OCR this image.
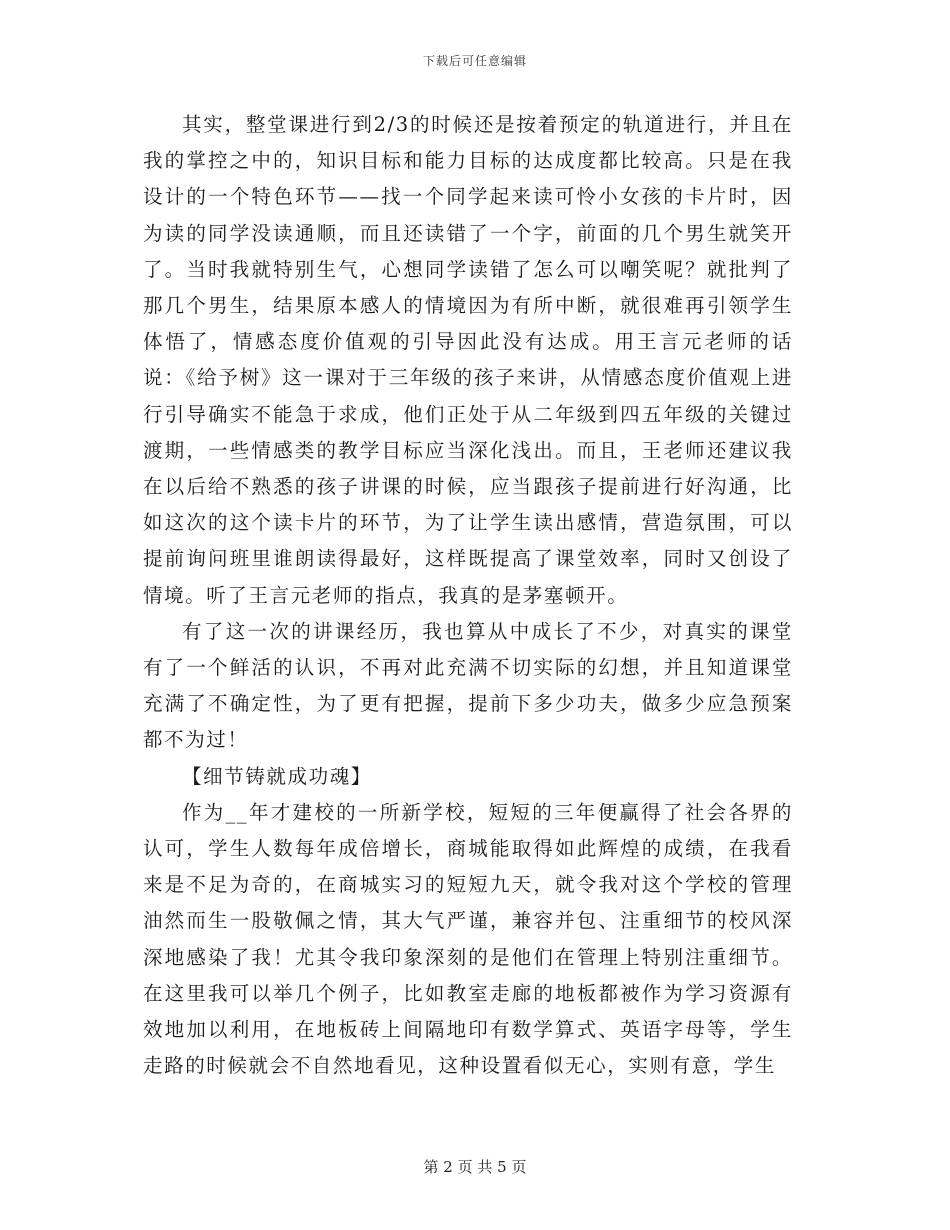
下载后可任意编辑

其实，整堂课进行到2/3的时候还是按着预定的轨道进行，并且在我的掌控之中的，知识目标和能力目标的达成度都比较高。只是在我设计的一个特色环节——找一个同学起来读可怜小女孩的卡片时，因为读的同学没读通顺，而且还读错了一个字，前面的几个男生就笑开了。当时我就特别生气，心想同学读错了怎么可以嘲笑呢？就批判了那几个男生，结果原本感人的情境因为有所中断，就很难再引领学生体悟了，情感态度价值观的引导因此没有达成。用王言元老师的话说：《给予树》这一课对于三年级的孩子来讲，从情感态度价值观上进行引导确实不能急于求成，他们正处于从二年级到四五年级的关键过渡期，一些情感类的教学目标应当深化浅出。而且，王老师还建议我在以后给不熟悉的孩子讲课的时候，应当跟孩子提前进行好沟通，比如这次的这个读卡片的环节，为了让学生读出感情，营造氛围，可以提前询问班里谁朗读得最好，这样既提高了课堂效率，同时又创设了情境。听了王言元老师的指点，我真的是茅塞顿开。

有了这一次的讲课经历，我也算从中成长了不少，对真实的课堂有了一个鲜活的认识，不再对此充满不切实际的幻想，并且知道课堂充满了不确定性，为了更有把握，提前下多少功夫，做多少应急预案都不为过！

【细节铸就成功魂】

作为__年才建校的一所新学校，短短的三年便赢得了社会各界的认可，学生人数每年成倍增长，商城能取得如此辉煌的成绩，在我看来是不足为奇的，在商城实习的短短九天，就令我对这个学校的管理油然而生一股敬佩之情，其大气严谨，兼容并包、注重细节的校风深深地感染了我！尤其令我印象深刻的是他们在管理上特别注重细节。在这里我可以举几个例子，比如教室走廊的地板都被作为学习资源有效地加以利用，在地板砖上间隔地印有数学算式、英语字母等，学生走路的时候就会不自然地看见，这种设置看似无心，实则有意，学生

第 2 页 共 5 页
